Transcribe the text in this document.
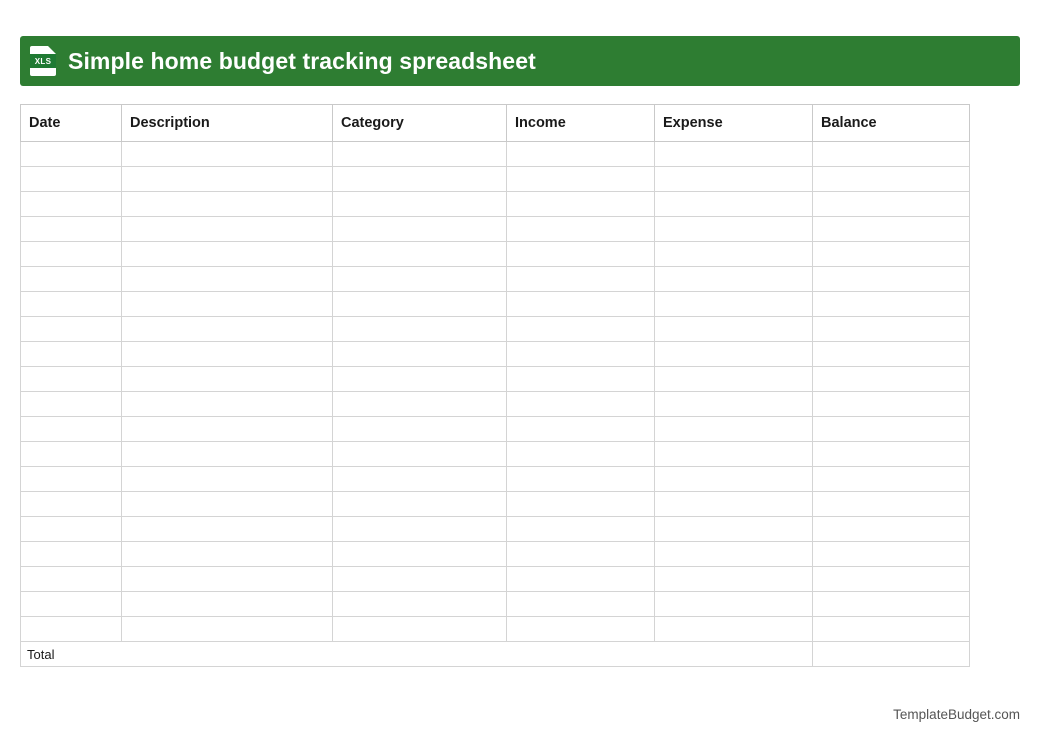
XLS Simple home budget tracking spreadsheet
Date	Description	Category	Income	Expense	Balance

Total					
TemplateBudget.com
